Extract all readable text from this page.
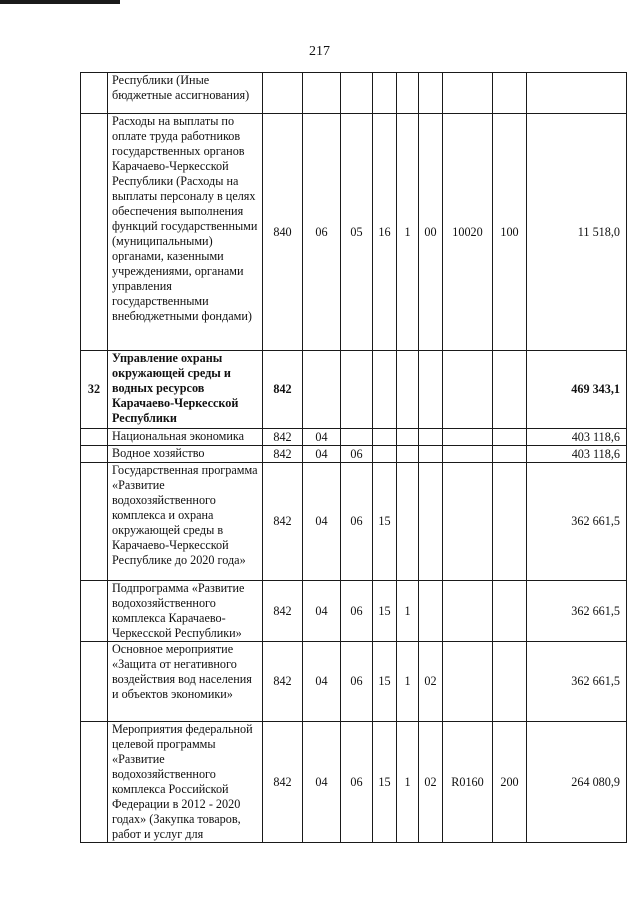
217
	Республики (Иные бюджетные ассигнования)									
	Расходы на выплаты по оплате труда работников государственных органов Карачаево-Черкесской Республики (Расходы на выплаты персоналу в целях обеспечения выполнения функций государственными (муниципальными) органами, казенными учреждениями, органами управления государственными внебюджетными фондами)	840	06	05	16	1	00	10020	100	11 518,0
32	Управление охраны окружающей среды и водных ресурсов Карачаево-Черкесской Республики	842								469 343,1
	Национальная экономика	842	04							403 118,6
	Водное хозяйство	842	04	06						403 118,6
	Государственная программа «Развитие водохозяйственного комплекса и охрана окружающей среды в Карачаево-Черкесской Республике до 2020 года»	842	04	06	15					362 661,5
	Подпрограмма «Развитие водохозяйственного комплекса Карачаево-Черкесской Республики»	842	04	06	15	1				362 661,5
	Основное мероприятие «Защита от негативного воздействия вод населения и объектов экономики»	842	04	06	15	1	02			362 661,5
	Мероприятия федеральной целевой программы «Развитие водохозяйственного комплекса Российской Федерации в 2012 - 2020 годах» (Закупка товаров, работ и услуг для	842	04	06	15	1	02	R0160	200	264 080,9
